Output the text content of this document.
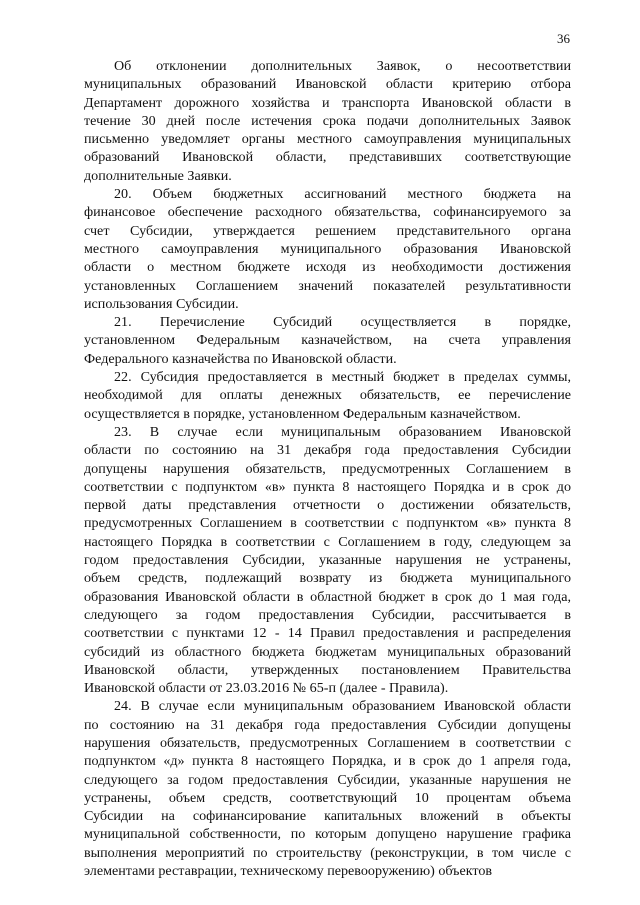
36
Об отклонении дополнительных Заявок, о несоответствии
муниципальных образований Ивановской области критерию отбора
Департамент дорожного хозяйства и транспорта Ивановской области в
течение 30 дней после истечения срока подачи дополнительных Заявок
письменно уведомляет органы местного самоуправления муниципальных
образований Ивановской области, представивших соответствующие
дополнительные Заявки.
20. Объем бюджетных ассигнований местного бюджета на
финансовое обеспечение расходного обязательства, софинансируемого за
счет Субсидии, утверждается решением представительного органа
местного самоуправления муниципального образования Ивановской
области о местном бюджете исходя из необходимости достижения
установленных Соглашением значений показателей результативности
использования Субсидии.
21. Перечисление Субсидий осуществляется в порядке,
установленном Федеральным казначейством, на счета управления
Федерального казначейства по Ивановской области.
22. Субсидия предоставляется в местный бюджет в пределах суммы,
необходимой для оплаты денежных обязательств, ее перечисление
осуществляется в порядке, установленном Федеральным казначейством.
23. В случае если муниципальным образованием Ивановской
области по состоянию на 31 декабря года предоставления Субсидии
допущены нарушения обязательств, предусмотренных Соглашением в
соответствии с подпунктом «в» пункта 8 настоящего Порядка и в срок до
первой даты представления отчетности о достижении обязательств,
предусмотренных Соглашением в соответствии с подпунктом «в» пункта 8
настоящего Порядка в соответствии с Соглашением в году, следующем за
годом предоставления Субсидии, указанные нарушения не устранены,
объем средств, подлежащий возврату из бюджета муниципального
образования Ивановской области в областной бюджет в срок до 1 мая года,
следующего за годом предоставления Субсидии, рассчитывается в
соответствии с пунктами 12 - 14 Правил предоставления и распределения
субсидий из областного бюджета бюджетам муниципальных образований
Ивановской области, утвержденных постановлением Правительства
Ивановской области от 23.03.2016 № 65-п (далее - Правила).
24. В случае если муниципальным образованием Ивановской области
по состоянию на 31 декабря года предоставления Субсидии допущены
нарушения обязательств, предусмотренных Соглашением в соответствии с
подпунктом «д» пункта 8 настоящего Порядка, и в срок до 1 апреля года,
следующего за годом предоставления Субсидии, указанные нарушения не
устранены, объем средств, соответствующий 10 процентам объема
Субсидии на софинансирование капитальных вложений в объекты
муниципальной собственности, по которым допущено нарушение графика
выполнения мероприятий по строительству (реконструкции, в том числе с
элементами реставрации, техническому перевооружению) объектов
